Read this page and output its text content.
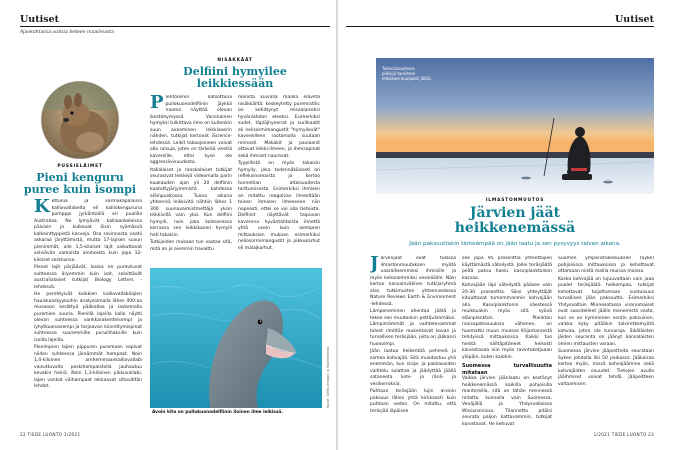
Uutiset
Ajankohtaisia uutisia tieteen maailmasta
PUSSIELÄIMET
Pieni kenguru
puree kuin isompi
K ettuniä ja varmakäpäläisiä kalliovallabeita eli kalliokengururia pompppi jyrkänteillä eri puolilla Australiaa. Ne lymyävät kallioonkoloissa päivisin ja kulkevat öisin syömässä kalkeinttyppistä kasveja. Osa ravinnosta vaatii askaraa järyttämistä, mutta 17-lajisen suvun pienimmät, alle 1,5-kiloiset lajit vaikuttavat selviävän samoista ainmoista kuin jopa 12-kiloiset serkkunsa.

Pienet lajit pärjäävät, koska ne pureutuvat suhteessa äryemmin kuin isot, selvittävät australialaiset tutkijat Biology Letters -lehdessä.

He perehtyivät kaikkien kalliovallabilajien hauiskaaskyykuihin analysoimalla lähes 400:aa museoon kerättyä pääkallоa ja laskemalla puremien suuria. Pienillä lajeilla kallo näytti olevan suhteessa vankkarakenteisempi ja lyhytkuonoisempi ja tarjoavan kiinnittymispinat suhteessa suuremmille puruilihaksille kuin isoilla lajeilla.

Pienimpien lajien pippuren puremaan sopivat niiden suhteessa järeämmät hampaat. Noin 1,4-kiloinen arnhemmaankalliovallabi vaisuttuvalla poskihampaistolla jauhautuu kovakin heinä. Noin 1,3-kiloinen pikkuvallabi, lajen vankat väihampaat lekkaavat siltavältän lehdet.

NISÄKKÄÄT
Delfiini hymyilee
leikkiessään
P Ientoolinin katsottuna pullokuonodelfiinin jäykkä naama näyttää olevan ikestohymyssä. Varsinainen hymyksi tulkittava ilme on kuitenkin suun avaaminen leikkiaverin nähden, tutkijat kertovat iScience-lehdessä. Leikit takaajoineen voivat olla raisuja, joten on tärkeää viestiä kavereille, ettei kyse ole aggressiivisuudesta.

Italialaiset ja ranskalaiset tutkijat seurasivat leikkejä videomalla parin kuukauden ajan yli 20 delfiinin kaatuttyjärjyimmistä kahdessa eläinpuistossa. Tuona aikana yhteensä leikkivitä nähtiin lähes 1 300 suunavaimistmettäjä yksin leikkivillä vain yksi. Kun delfiini hymyili, noin joka kolmanessa kerrassa sen leikkikaveri hymyili heti takaisin.

Tutkijoiden mukaan tun vastaa sitä, mitä on jo aiemmin havaittu

monilta kuivalla maalla eläviltä nisäkkäiltä: keskeytetty puremistilic on kehittynyt mlsaalaiseksi hyvänlahdon eleeksi. Esimerkiksi sudet, täpläjhyeenat ja suriikaatit eli nelisormimangustit "hymyilevät" kavereilleen raotamalla suutaan rennosti. Makakit ja paviaanit ottavat leikki-ilmeen, ja ihmisapinat sekä ihmiset nauravat.

Tyypillistä on myös takaisin hymyily, joka todennäköisesti on refleksinomaista ja kertoo tunnetilan altaisuudesta tarttumisesta. Esimerkiksi ihmisen on mitattu reagoivan ilmeeltään toisen ihmisen ilmeeseen niin nopeasti, ettei se voi olla tietoista. Delfiinit näyttävät taipuvan kavernna hyväntahtoista ilmettä yhtä usein kuin aiempien mittauksien mukaan esimerkiksi neliosormimangustit ja pikkukarhut eli malajkarhut.

Avoin kita on pullokuonodelfiinin iloinen ilme leikissä.
Kuvat: Getty Images ja Shutterstock
22 TIEDE LUONTO 1/2021
Uutiset
Tulevaisuudessa
pilkkijä tarvitsee
ehkäisee kuulpasti jäätä.
ILMASTONMUUTOS
Järvien jäät
heikkenemässä
Jään paksuuttakin tärkeämpää on jään laatu ja sen pysyvyys talven aikana.
J ärvenjäät ovat tulossa ilmastonmuutoksen myötä vaarallisemmiksi ihmisille ja myös kehonommiksi vesieliöille. Näin kertoo kansainvälinen tutkijaryhmä alan tutkimusten yhteenvedossa Nature Reviews Earth & Environment -lehdessä.

Lämpeneminen ohentaa jäätä ja tekee sen muutenkin pettävämmäksi. Lämpimämmät ja vaihtelevammat talvet rimittän mukentavat kovan ja turvallisen teräsjään, joita on jääkansi huonoimpi.

Jään laatua heikentää pehmeä ja samea kohvajää. Sitä muodostuu yhä enemmän, kun sisija- ja pakkasoiden vaihtelu sulattaa ja jäädyttää jäällä sataneeta lumi- ja ränä- ja vesikerroksia.

Puhtaan teräsjään lujin arvioin paksuus lähes yhtä kirkkaasti kuin puhtaan veden. On mitattu, että teräsjää läpäisee

see jopa 95 prosenttia yhteettäjien käyttämästä säteilystä. Jollei teräsjäätä peitä paksu hanki, kasviplanktonkin kasvaa.

Kohvajään läpi säteilystä pääsee vain 20-30 prosenttia. Siksi yhteyttäjät kituuttavat tumemmanmin kohvajään alla. Kasviplanktonin säestessä muikkuakin myös sitä syövä eläinplankton. Plankton ravisapotiosuuksia vähenee, on huomattu muun muassa Kiljantarvestä tehdyissä mittauksissa. Kaikki tuo heistä näiltäpitäneet heikosti kaivestavaa niin myös ravintoketjuaan ylöpäin, kuten kalohin.

Suomessa turvallisuutta mitataan

Vaikka järvien jäänlaatu on kestänyt heikkenemässä kaikilla pohjoisilla mantereilla, sitä on tähän mennessä mitattu kunnolla vain Suomessa, Venäjällä ja Yhdysvalloissa Wisconsinissa. Tilannetta pitäisi seurata paljon kattavammin, tutkijat korostavat. He kehuvat

Suomen ympäristökeskuksen (Syke) pohjaisissa mittauksissa ja kehottavat ottamaan niistä mallia muissa maissa.

Koska kohvajää on lujuuvaltaan vain jaaa puolet teräsjäätä heikompaa, tutkijat kehottavat tuijottamaan suotuisuus turvallisen jään paksuutta. Esimerkiksi Yhdysvaltain Minnesotassa vironomaiset ovat suositelleet jäälle menemistä vasta, kun se on kymmenen sentin paksuinen, vaikka kyky pitääkin talviretkemyötä kohvaa, joten ole turvaraja. Sikäläisten jäiden seuranta on jäänyt kansalaisten omien mittausten varaan.

Suomessa järvien jääpeitteita seurataan Syken johdolla liki 50 paikassa. Jääkairaa kertoo myös, missä kohvajäämine sekä kohvajäiden osuudet. Tietojen avulla jääihmiset voivat tehdä jääpeitteen valtaamisen.

1/2021 TIEDE LUONTO 23
